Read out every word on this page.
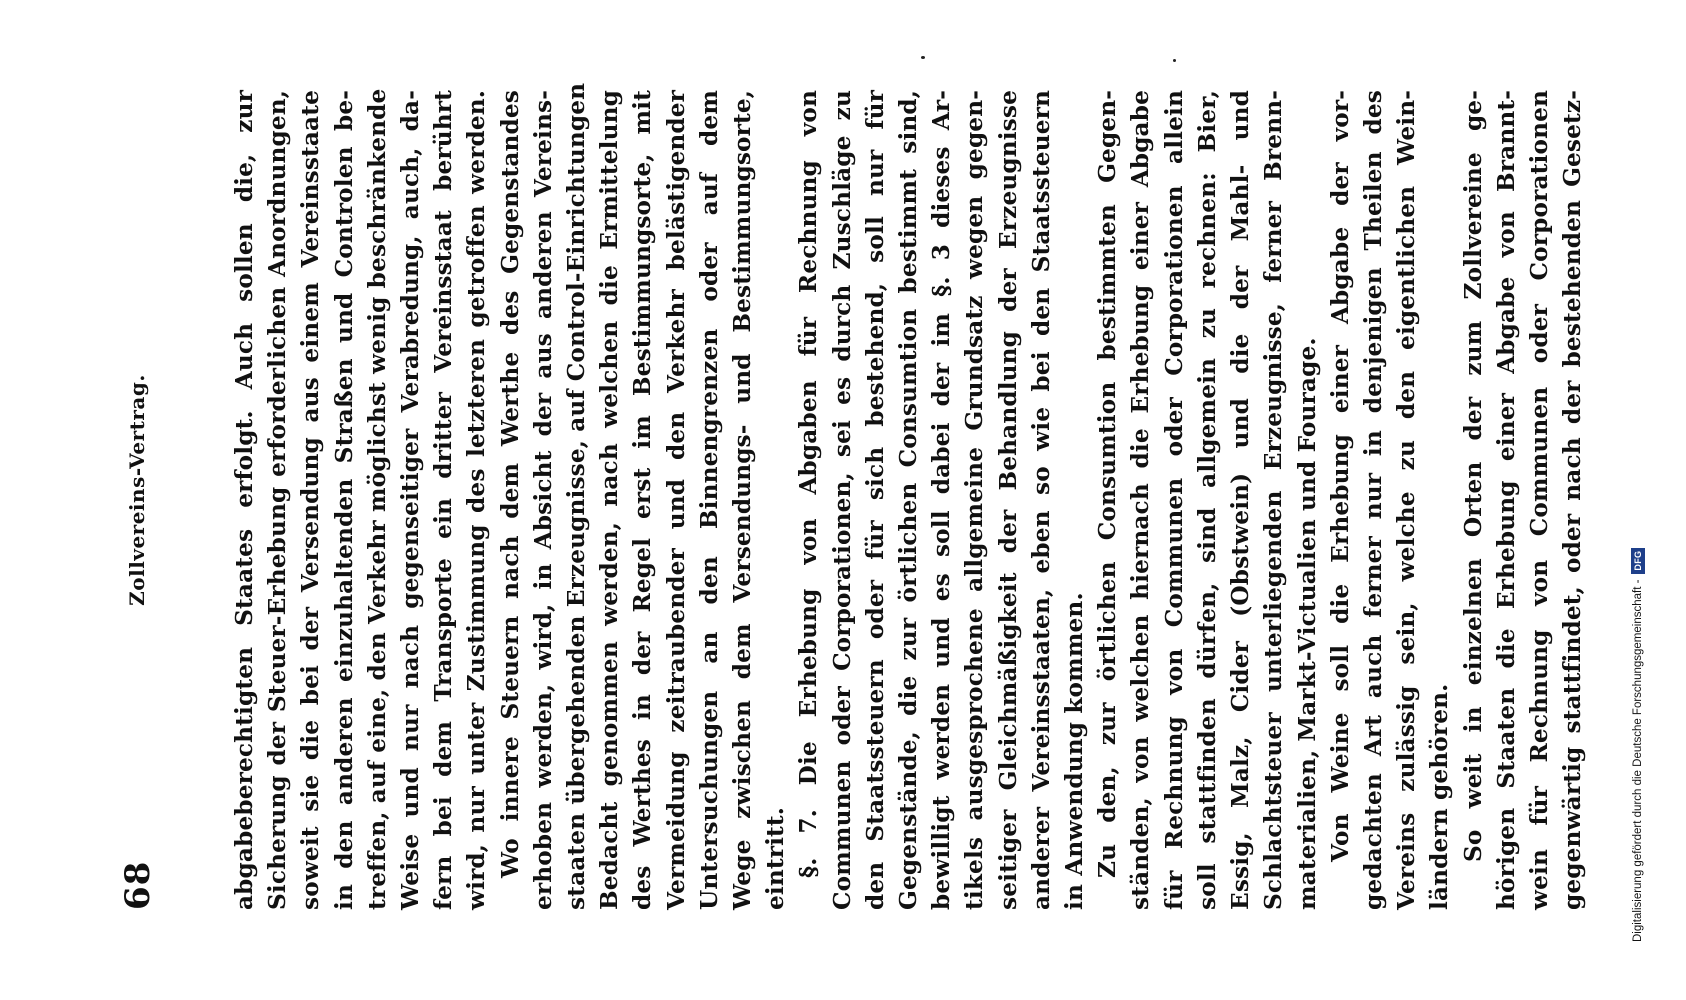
68
Zollvereins-Vertrag.	abgabeberechtigten Staates erfolgt. Auch sollen die, zur Sicherung der Steuer-Erhebung erforderlichen Anordnungen, soweit sie die bei der Versendung aus einem Vereinsstaate in den anderen einzuhaltenden Straßen und Controlen be- treffen, auf eine, den Verkehr möglichst wenig beschränkende Weise und nur nach gegenseitiger Verabredung, auch, da- fern bei dem Transporte ein dritter Vereinsstaat berührt wird, nur unter Zustimmung des letzteren getroffen werden. Wo innere Steuern nach dem Werthe des Gegenstandes erhoben werden, wird, in Absicht der aus anderen Vereins- staaten übergehenden Erzeugnisse, auf Control-Einrichtungen Bedacht genommen werden, nach welchen die Ermittelung des Werthes in der Regel erst im Bestimmungsorte, mit Vermeidung zeitraubender und den Verkehr belästigender Untersuchungen an den Binnengrenzen oder auf dem Wege zwischen dem Versendungs- und Bestimmungsorte, eintritt. §. 7. Die Erhebung von Abgaben für Rechnung von Communen oder Corporationen, sei es durch Zuschläge zu den Staatssteuern oder für sich bestehend, soll nur für Gegenstände, die zur örtlichen Consumtion bestimmt sind, bewilligt werden und es soll dabei der im §. 3 dieses Ar- tikels ausgesprochene allgemeine Grundsatz wegen gegen- seitiger Gleichmäßigkeit der Behandlung der Erzeugnisse anderer Vereinsstaaten, eben so wie bei den Staatssteuern in Anwendung kommen. Zu den, zur örtlichen Consumtion bestimmten Gegen- ständen, von welchen hiernach die Erhebung einer Abgabe für Rechnung von Communen oder Corporationen allein soll stattfinden dürfen, sind allgemein zu rechnen: Bier, Essig, Malz, Cider (Obstwein) und die der Mahl- und Schlachtsteuer unterliegenden Erzeugnisse, ferner Brenn- materialien, Markt-Victualien und Fourage. Von Weine soll die Erhebung einer Abgabe der vor- gedachten Art auch ferner nur in denjenigen Theilen des Vereins zulässig sein, welche zu den eigentlichen Wein- ländern gehören. So weit in einzelnen Orten der zum Zollvereine ge- hörigen Staaten die Erhebung einer Abgabe von Brannt- wein für Rechnung von Communen oder Corporationen gegenwärtig stattfindet, oder nach der bestehenden Gesetz-	Digitalisierung gefördert durch die Deutsche Forschungsgemeinschaft -
DFG
